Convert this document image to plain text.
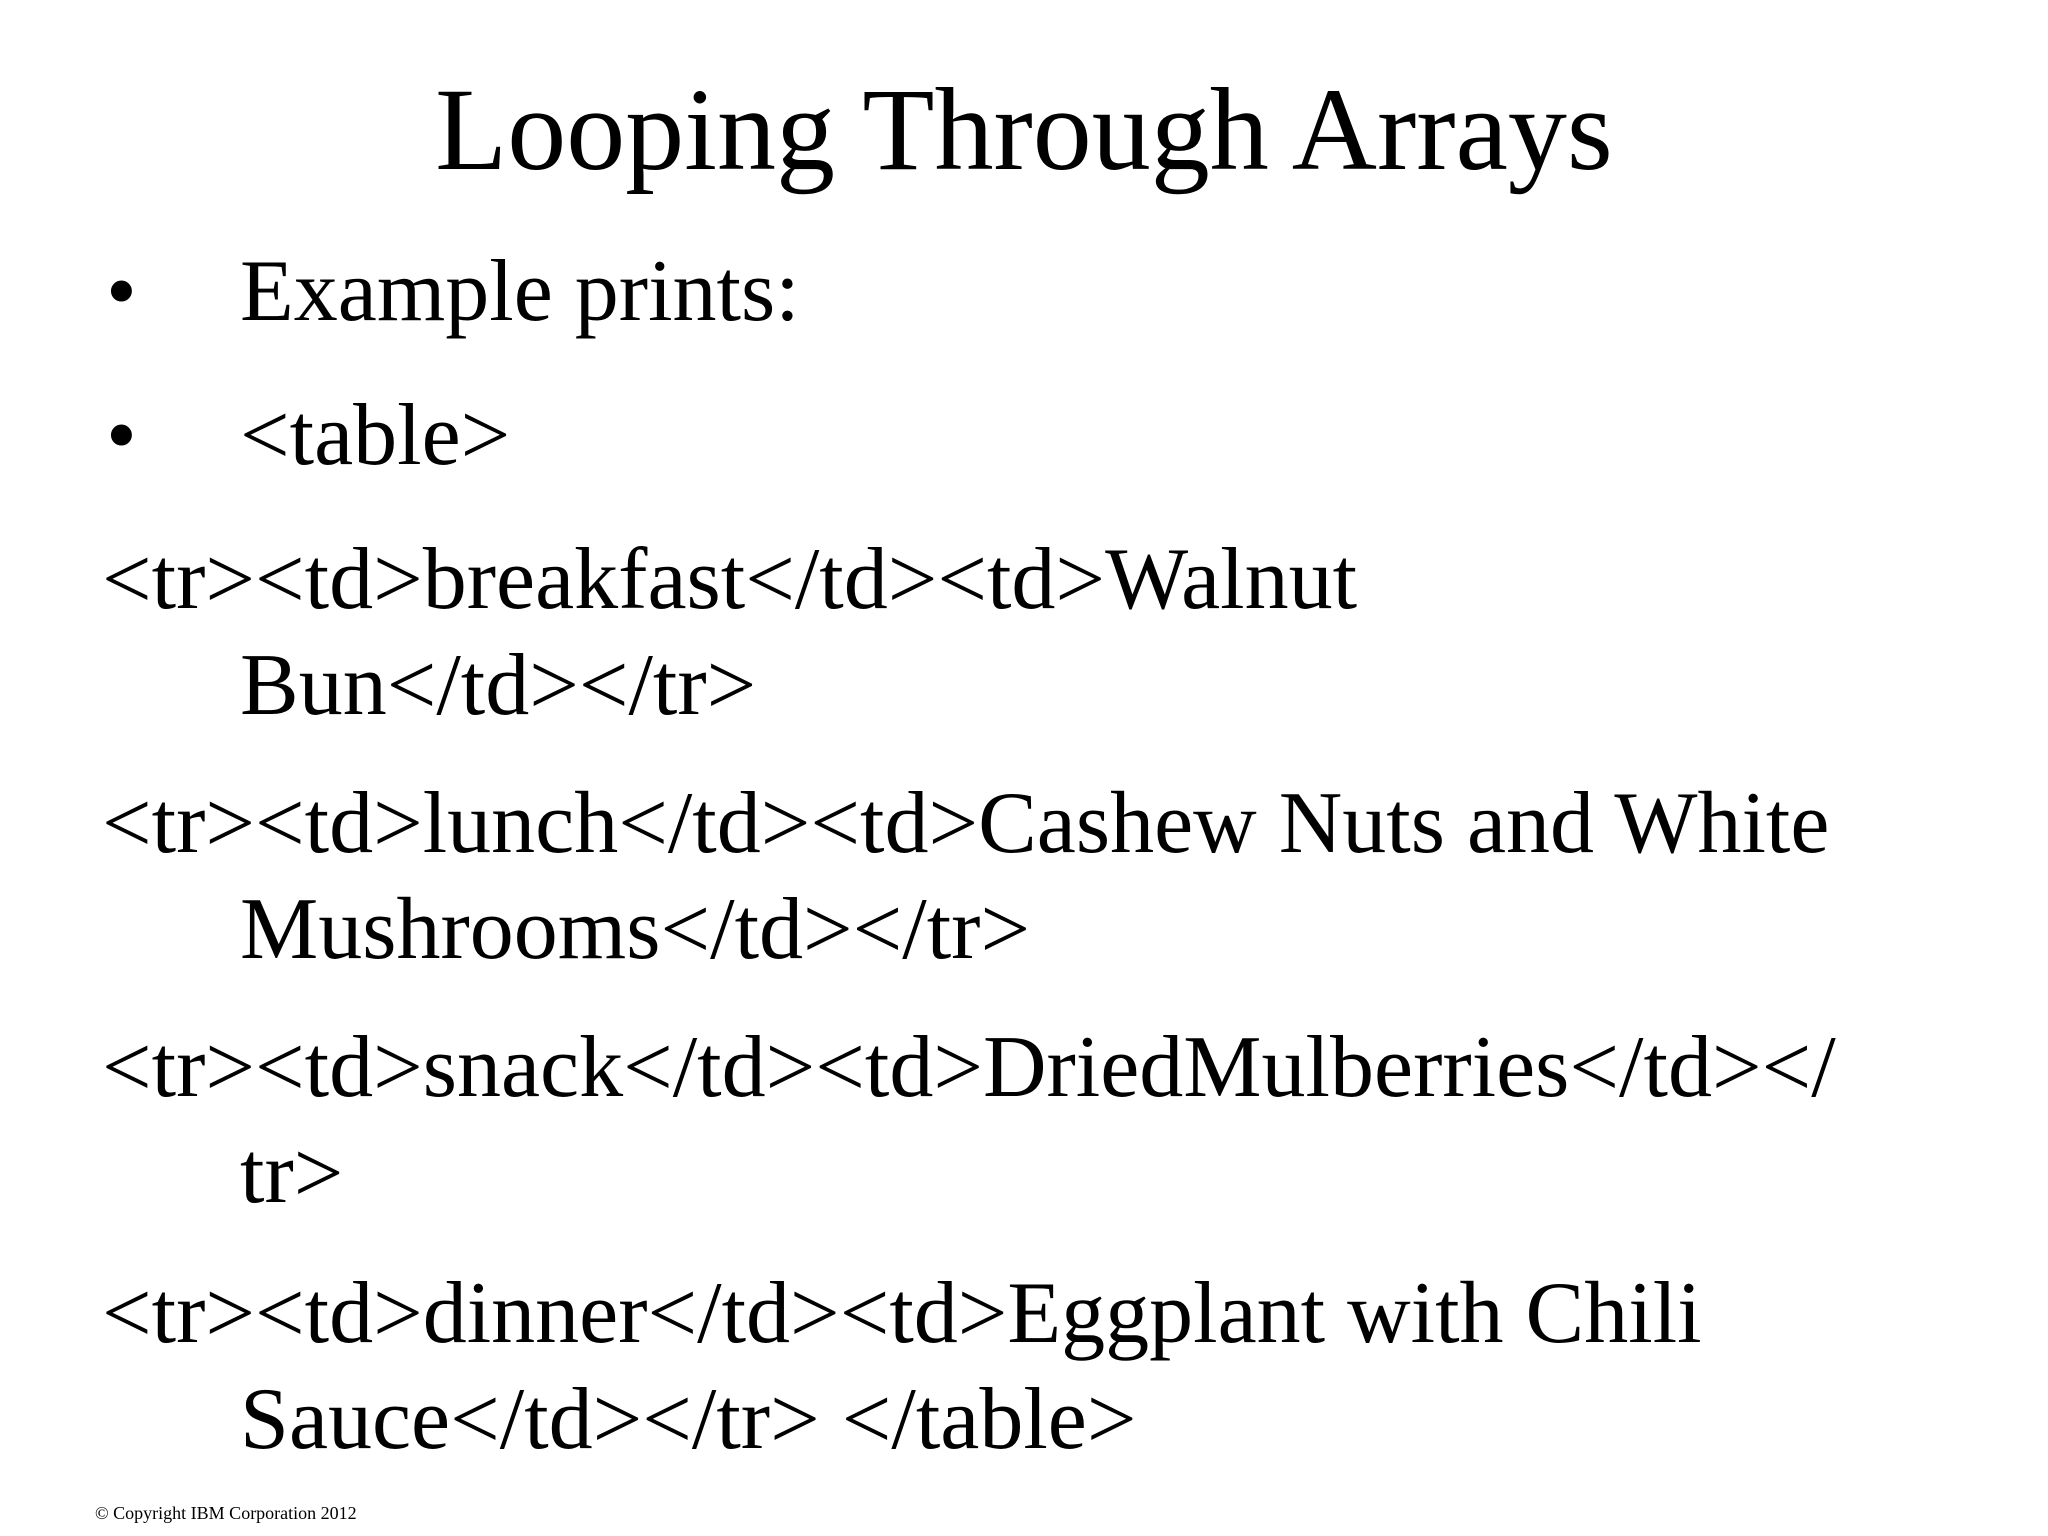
Looping Through Arrays
• Example prints:
• <table>
<tr><td>breakfast</td><td>Walnut
Bun</td></tr>
<tr><td>lunch</td><td>Cashew Nuts and White
Mushrooms</td></tr>
<tr><td>snack</td><td>DriedMulberries</td></
tr>
<tr><td>dinner</td><td>Eggplant with Chili
Sauce</td></tr> </table>
© Copyright IBM Corporation 2012
